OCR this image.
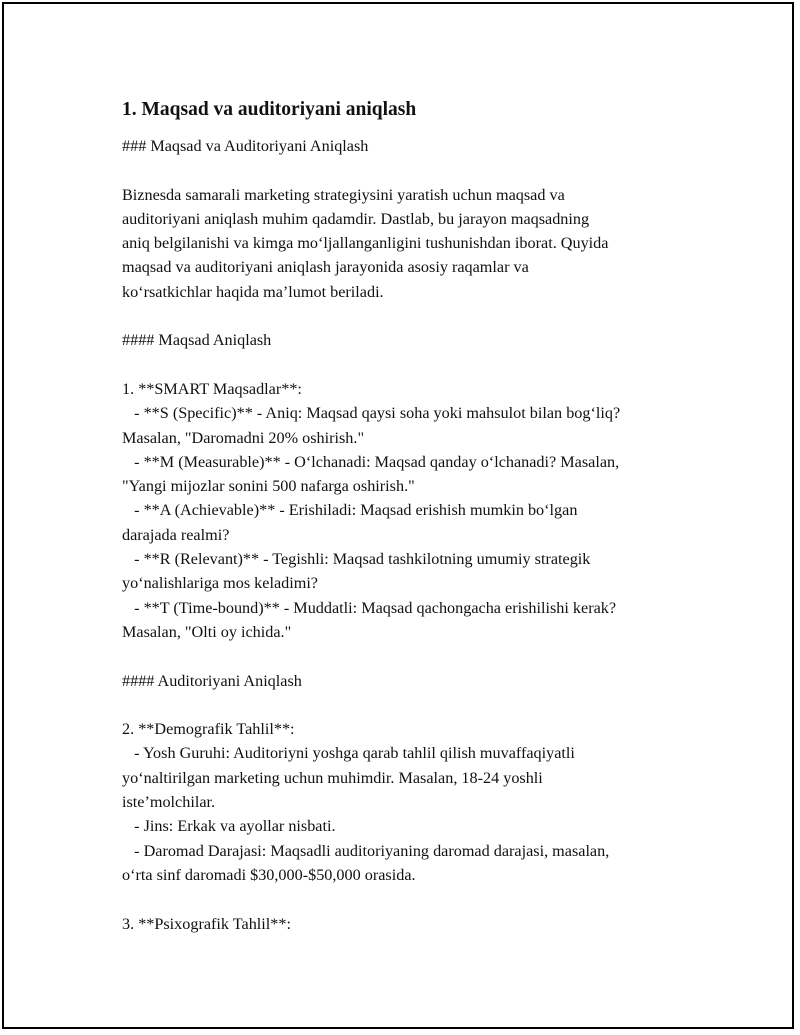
1. Maqsad va auditoriyani aniqlash
### Maqsad va Auditoriyani Aniqlash
Biznesda samarali marketing strategiysini yaratish uchun maqsad va
auditoriyani aniqlash muhim qadamdir. Dastlab, bu jarayon maqsadning
aniq belgilanishi va kimga mo‘ljallanganligini tushunishdan iborat. Quyida
maqsad va auditoriyani aniqlash jarayonida asosiy raqamlar va
ko‘rsatkichlar haqida ma’lumot beriladi.
#### Maqsad Aniqlash
1. **SMART Maqsadlar**:
- **S (Specific)** - Aniq: Maqsad qaysi soha yoki mahsulot bilan bog‘liq?
Masalan, "Daromadni 20% oshirish."
- **M (Measurable)** - O‘lchanadi: Maqsad qanday o‘lchanadi? Masalan,
"Yangi mijozlar sonini 500 nafarga oshirish."
- **A (Achievable)** - Erishiladi: Maqsad erishish mumkin bo‘lgan
darajada realmi?
- **R (Relevant)** - Tegishli: Maqsad tashkilotning umumiy strategik
yo‘nalishlariga mos keladimi?
- **T (Time-bound)** - Muddatli: Maqsad qachongacha erishilishi kerak?
Masalan, "Olti oy ichida."
#### Auditoriyani Aniqlash
2. **Demografik Tahlil**:
- Yosh Guruhi: Auditoriyni yoshga qarab tahlil qilish muvaffaqiyatli
yo‘naltirilgan marketing uchun muhimdir. Masalan, 18-24 yoshli
iste’molchilar.
- Jins: Erkak va ayollar nisbati.
- Daromad Darajasi: Maqsadli auditoriyaning daromad darajasi, masalan,
o‘rta sinf daromadi $30,000-$50,000 orasida.
3. **Psixografik Tahlil**:
